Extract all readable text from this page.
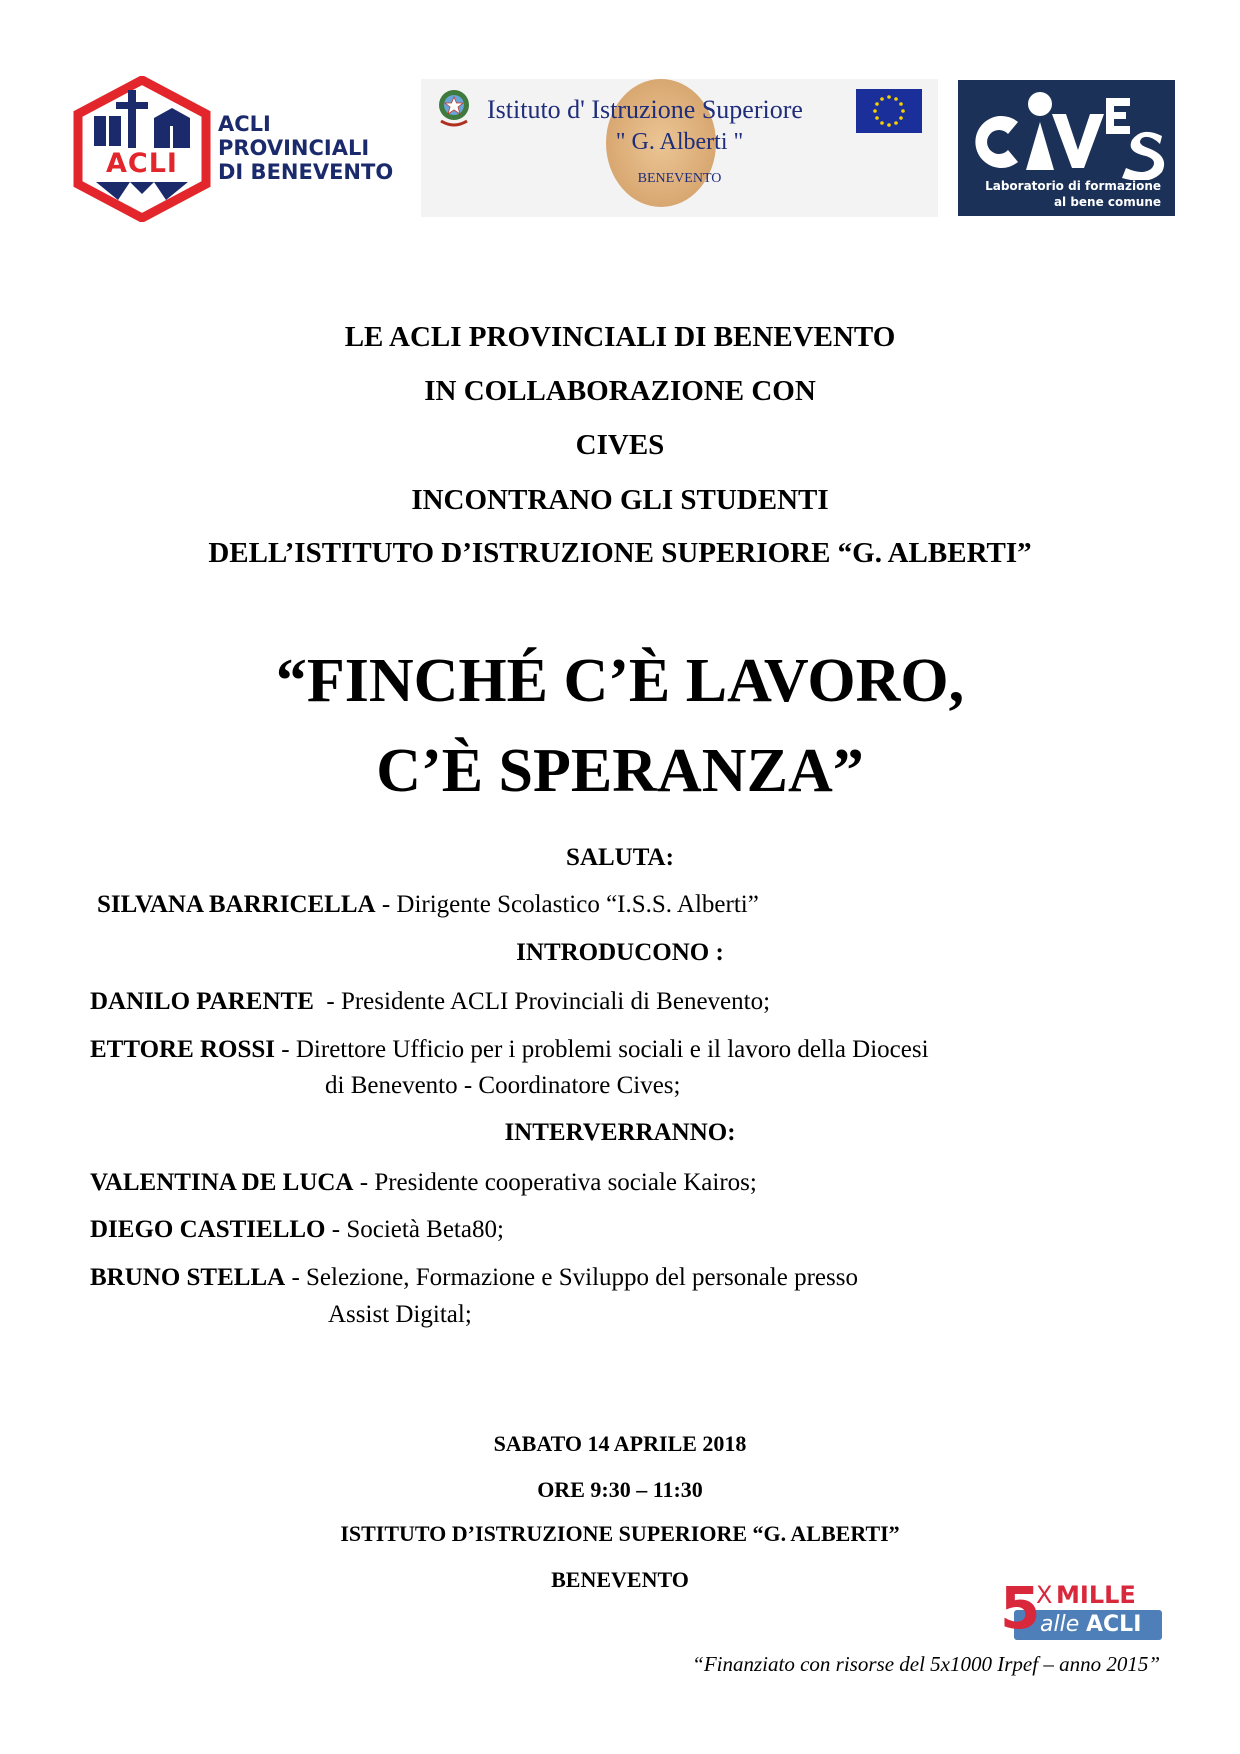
ACLI
ACLI
PROVINCIALI
DI BENEVENTO
Istituto d' Istruzione Superiore
" G. Alberti "
BENEVENTO	Laboratorio di formazione
al bene comune
LE ACLI PROVINCIALI DI BENEVENTO
IN COLLABORAZIONE CON
CIVES
INCONTRANO GLI STUDENTI
DELL’ISTITUTO D’ISTRUZIONE SUPERIORE “G. ALBERTI”
“FINCHÉ C’È LAVORO,
C’È SPERANZA”
SALUTA:
SILVANA BARRICELLA - Dirigente Scolastico “I.S.S. Alberti”
INTRODUCONO :
DANILO PARENTE  - Presidente ACLI Provinciali di Benevento;
ETTORE ROSSI - Direttore Ufficio per i problemi sociali e il lavoro della Diocesi
di Benevento - Coordinatore Cives;
INTERVERRANNO:
VALENTINA DE LUCA - Presidente cooperativa sociale Kairos;
DIEGO CASTIELLO - Società Beta80;
BRUNO STELLA - Selezione, Formazione e Sviluppo del personale presso
Assist Digital;
SABATO 14 APRILE 2018
ORE 9:30 – 11:30
ISTITUTO D’ISTRUZIONE SUPERIORE “G. ALBERTI”
BENEVENTO	5
X MILLE
alle ACLI
“Finanziato con risorse del 5x1000 Irpef – anno 2015”
